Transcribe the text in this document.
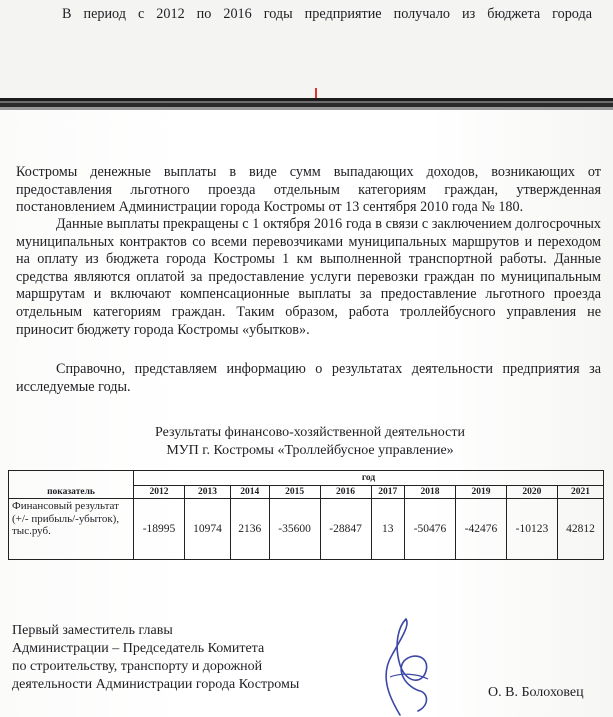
В период с 2012 по 2016 годы предприятие получало из бюджета города
Костромы денежные выплаты в виде сумм выпадающих доходов, возникающих от предоставления льготного проезда отдельным категориям граждан, утвержденная постановлением Администрации города Костромы от 13 сентября 2010 года № 180.
Данные выплаты прекращены с 1 октября 2016 года в связи с заключением долгосрочных муниципальных контрактов со всеми перевозчиками муниципальных маршрутов и переходом на оплату из бюджета города Костромы 1 км выполненной транспортной работы. Данные средства являются оплатой за предоставление услуги перевозки граждан по муниципальным маршрутам и включают компенсационные выплаты за предоставление льготного проезда отдельным категориям граждан. Таким образом, работа троллейбусного управления не приносит бюджету города Костромы «убытков».
Справочно, представляем информацию о результатах деятельности предприятия за исследуемые годы.
Результаты финансово-хозяйственной деятельности
МУП г. Костромы «Троллейбусное управление»
показатель	год									
	2012	2013	2014	2015	2016	2017	2018	2019	2020	2021
Финансовый результат (+/- прибыль/-убыток), тыс.руб.	-18995	10974	2136	-35600	-28847	13	-50476	-42476	-10123	42812
Первый заместитель главы
Администрации – Председатель Комитета
по строительству, транспорту и дорожной
деятельности Администрации города Костромы
О. В. Болоховец
